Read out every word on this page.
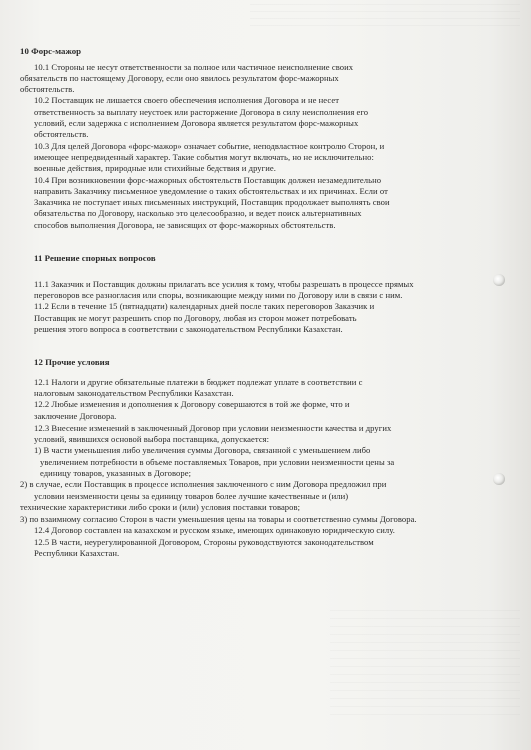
10 Форс-мажор
10.1 Стороны не несут ответственности за полное или частичное неисполнение своих
обязательств по настоящему Договору, если оно явилось результатом форс-мажорных
обстоятельств.
10.2 Поставщик не лишается своего обеспечения исполнения Договора и не несет
ответственность за выплату неустоек или расторжение Договора в силу неисполнения его
условий, если задержка с исполнением Договора является результатом форс-мажорных
обстоятельств.
10.3 Для целей Договора «форс-мажор» означает событие, неподвластное контролю Сторон, и
имеющее непредвиденный характер. Такие события могут включать, но не исключительно:
военные действия, природные или стихийные бедствия и другие.
10.4 При возникновении форс-мажорных обстоятельств Поставщик должен незамедлительно
направить Заказчику письменное уведомление о таких обстоятельствах и их причинах. Если от
Заказчика не поступает иных письменных инструкций, Поставщик продолжает выполнять свои
обязательства по Договору, насколько это целесообразно, и ведет поиск альтернативных
способов выполнения Договора, не зависящих от форс-мажорных обстоятельств.
11 Решение спорных вопросов
11.1 Заказчик и Поставщик должны прилагать все усилия к тому, чтобы разрешать в процессе прямых
переговоров все разногласия или споры, возникающие между ними по Договору или в связи с ним.
11.2 Если в течение 15 (пятнадцати) календарных дней после таких переговоров Заказчик и
Поставщик не могут разрешить спор по Договору, любая из сторон может потребовать
решения этого вопроса в соответствии с законодательством Республики Казахстан.
12 Прочие условия
12.1 Налоги и другие обязательные платежи в бюджет подлежат уплате в соответствии с
налоговым законодательством Республики Казахстан.
12.2 Любые изменения и дополнения к Договору совершаются в той же форме, что и
заключение Договора.
12.3 Внесение изменений в заключенный Договор при условии неизменности качества и других
условий, явившихся основой выбора поставщика, допускается:
1) В части уменьшения либо увеличения суммы Договора, связанной с уменьшением либо
увеличением потребности в объеме поставляемых Товаров, при условии неизменности цены за
единицу товаров, указанных в Договоре;
2) в случае, если Поставщик в процессе исполнения заключенного с ним Договора предложил при
условии неизменности цены за единицу товаров более лучшие качественные и (или)
технические характеристики либо сроки и (или) условия поставки товаров;
3) по взаимному согласию Сторон в части уменьшения цены на товары и соответственно суммы Договора.
12.4 Договор составлен на казахском и русском языке, имеющих одинаковую юридическую силу.
12.5 В части, неурегулированной Договором, Стороны руководствуются законодательством
Республики Казахстан.
